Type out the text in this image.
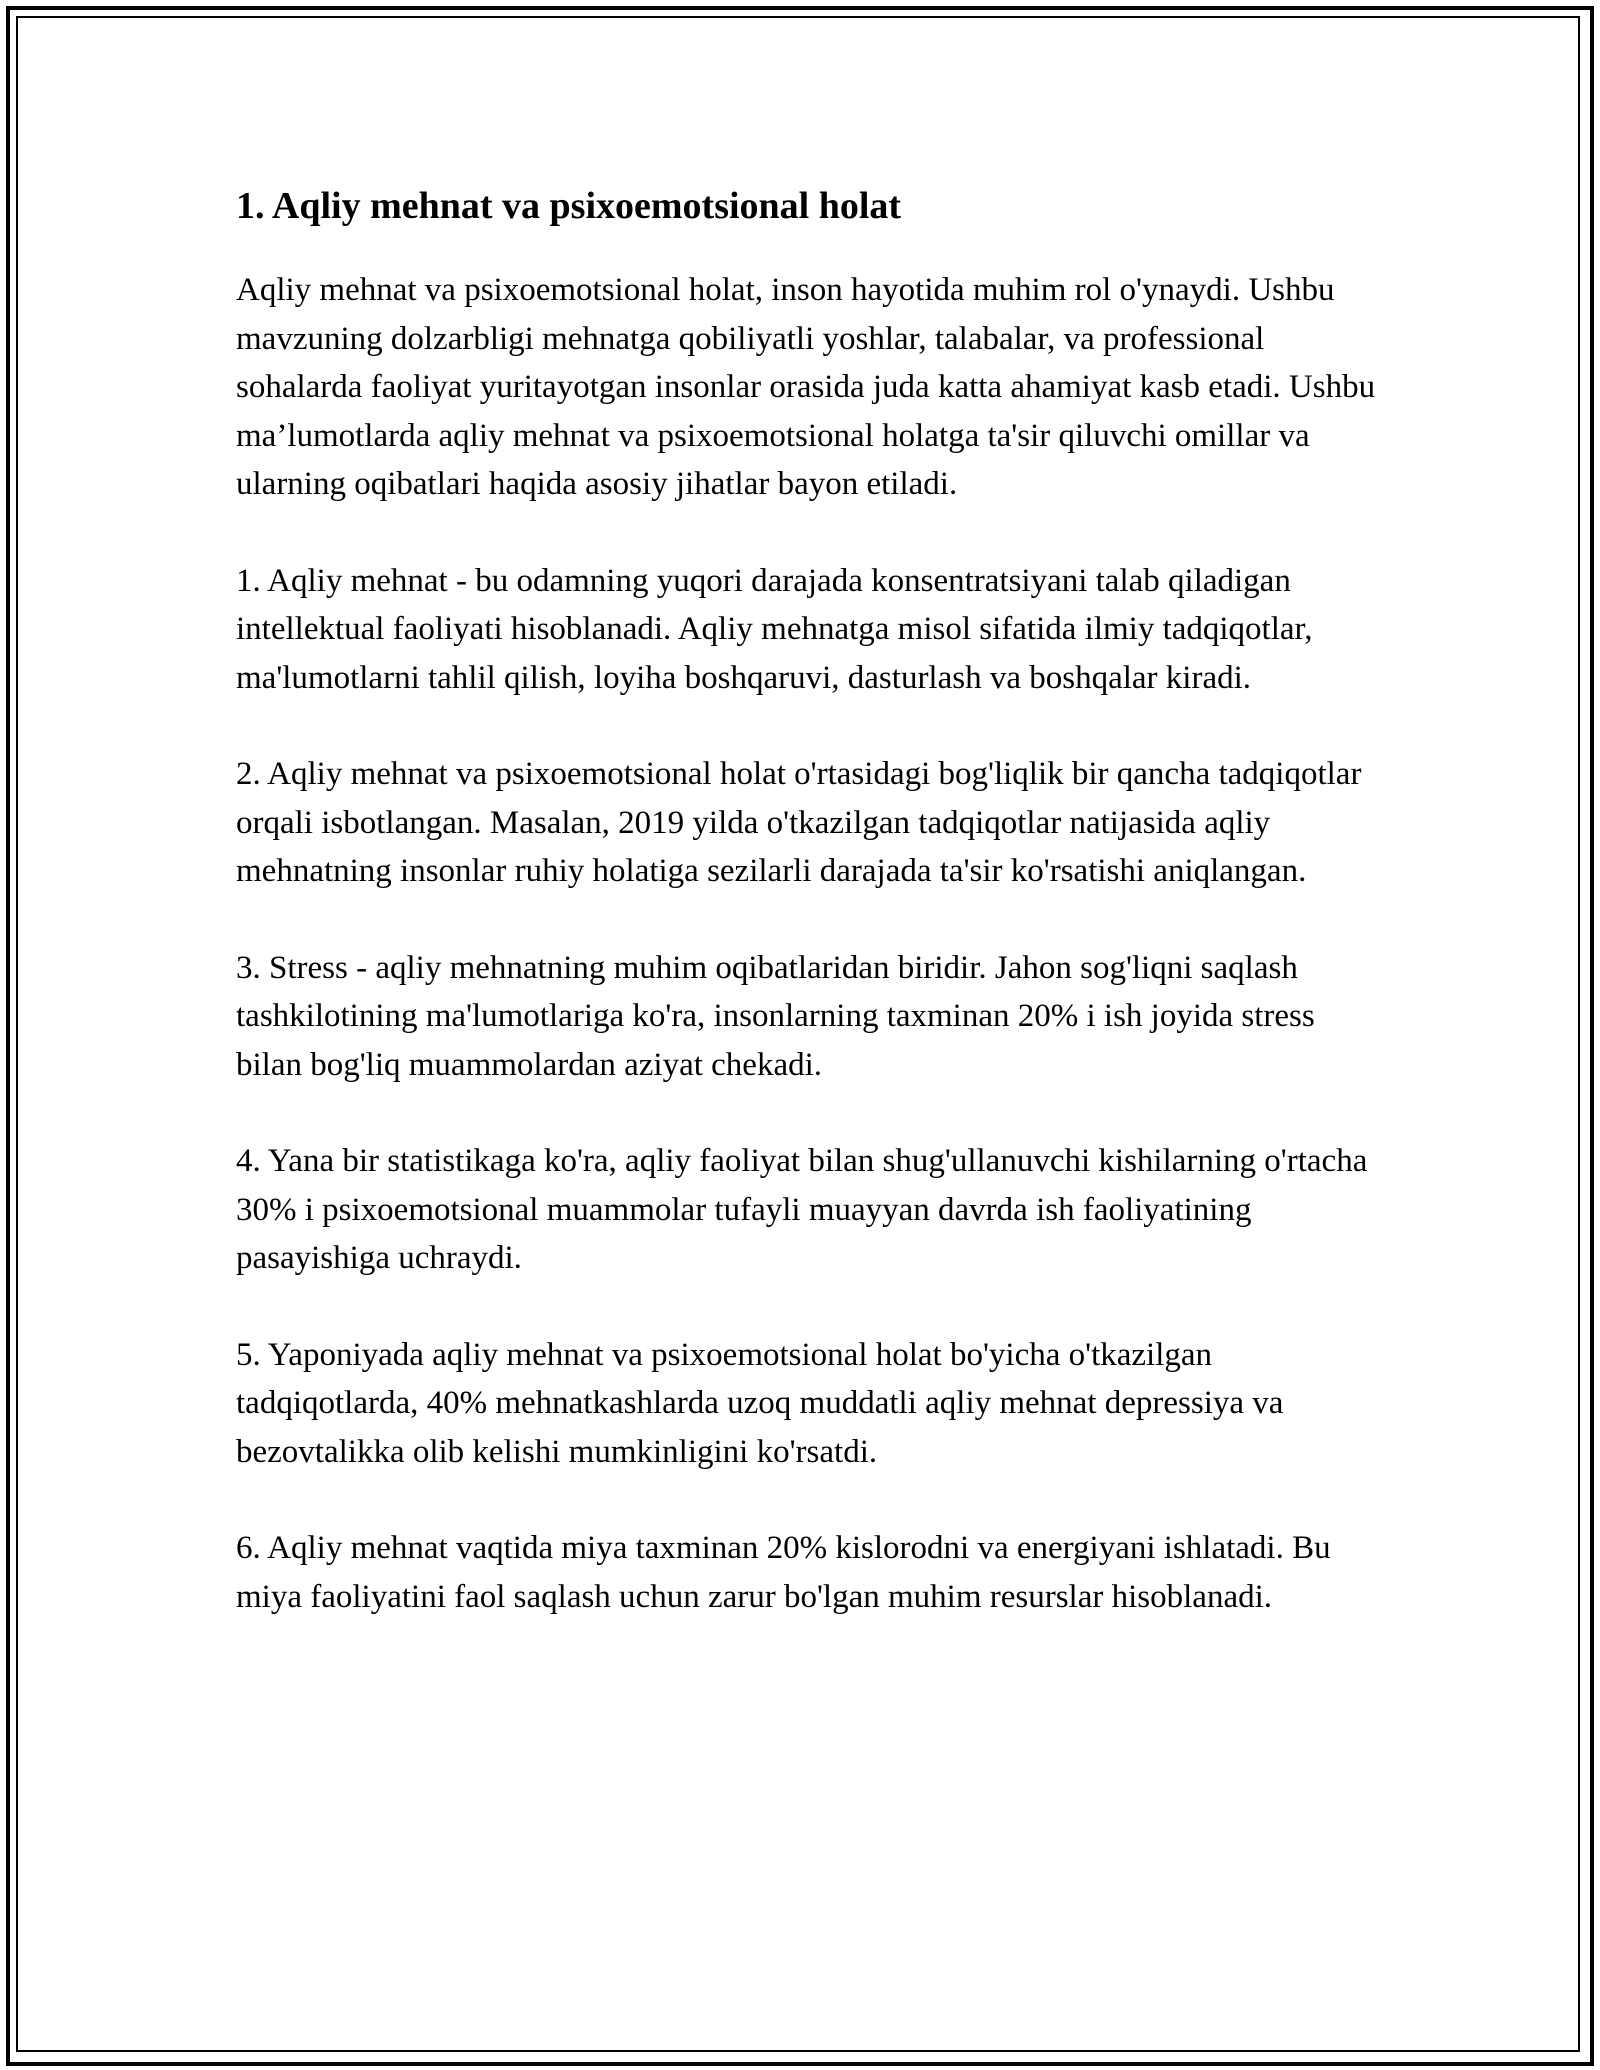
1. Aqliy mehnat va psixoemotsional holat

Aqliy mehnat va psixoemotsional holat, inson hayotida muhim rol o'ynaydi. Ushbu mavzuning dolzarbligi mehnatga qobiliyatli yoshlar, talabalar, va professional sohalarda faoliyat yuritayotgan insonlar orasida juda katta ahamiyat kasb etadi. Ushbu ma’lumotlarda aqliy mehnat va psixoemotsional holatga ta'sir qiluvchi omillar va ularning oqibatlari haqida asosiy jihatlar bayon etiladi.

1. Aqliy mehnat - bu odamning yuqori darajada konsentratsiyani talab qiladigan intellektual faoliyati hisoblanadi. Aqliy mehnatga misol sifatida ilmiy tadqiqotlar, ma'lumotlarni tahlil qilish, loyiha boshqaruvi, dasturlash va boshqalar kiradi.

2. Aqliy mehnat va psixoemotsional holat o'rtasidagi bog'liqlik bir qancha tadqiqotlar orqali isbotlangan. Masalan, 2019 yilda o'tkazilgan tadqiqotlar natijasida aqliy mehnatning insonlar ruhiy holatiga sezilarli darajada ta'sir ko'rsatishi aniqlangan.

3. Stress - aqliy mehnatning muhim oqibatlaridan biridir. Jahon sog'liqni saqlash tashkilotining ma'lumotlariga ko'ra, insonlarning taxminan 20% i ish joyida stress bilan bog'liq muammolardan aziyat chekadi.

4. Yana bir statistikaga ko'ra, aqliy faoliyat bilan shug'ullanuvchi kishilarning o'rtacha 30% i psixoemotsional muammolar tufayli muayyan davrda ish faoliyatining pasayishiga uchraydi.

5. Yaponiyada aqliy mehnat va psixoemotsional holat bo'yicha o'tkazilgan tadqiqotlarda, 40% mehnatkashlarda uzoq muddatli aqliy mehnat depressiya va bezovtalikka olib kelishi mumkinligini ko'rsatdi.

6. Aqliy mehnat vaqtida miya taxminan 20% kislorodni va energiyani ishlatadi. Bu miya faoliyatini faol saqlash uchun zarur bo'lgan muhim resurslar hisoblanadi.
